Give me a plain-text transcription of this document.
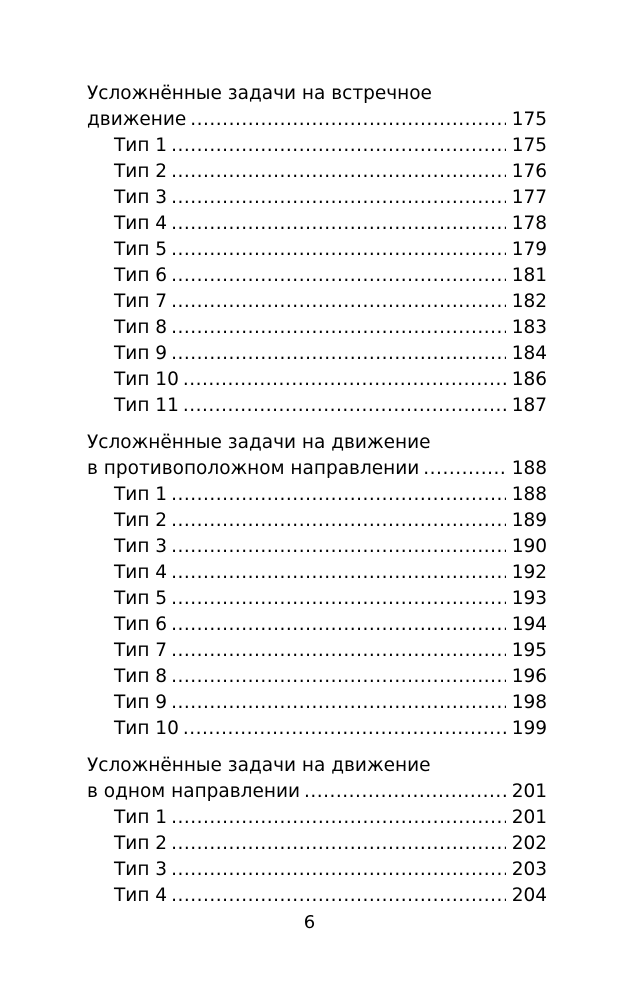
Усложнённые задачи на встречное
движение .....	175
Тип 1 .....	175
Тип 2 .....	176
Тип 3 .....	177
Тип 4 .....	178
Тип 5 .....	179
Тип 6 .....	181
Тип 7 .....	182
Тип 8 .....	183
Тип 9 .....	184
Тип 10 .....	186
Тип 11 .....	187
Усложнённые задачи на движение
в противоположном направлении .....	188
Тип 1 .....	188
Тип 2 .....	189
Тип 3 .....	190
Тип 4 .....	192
Тип 5 .....	193
Тип 6 .....	194
Тип 7 .....	195
Тип 8 .....	196
Тип 9 .....	198
Тип 10 .....	199
Усложнённые задачи на движение
в одном направлении .....	201
Тип 1 .....	201
Тип 2 .....	202
Тип 3 .....	203
Тип 4 .....	204
6
